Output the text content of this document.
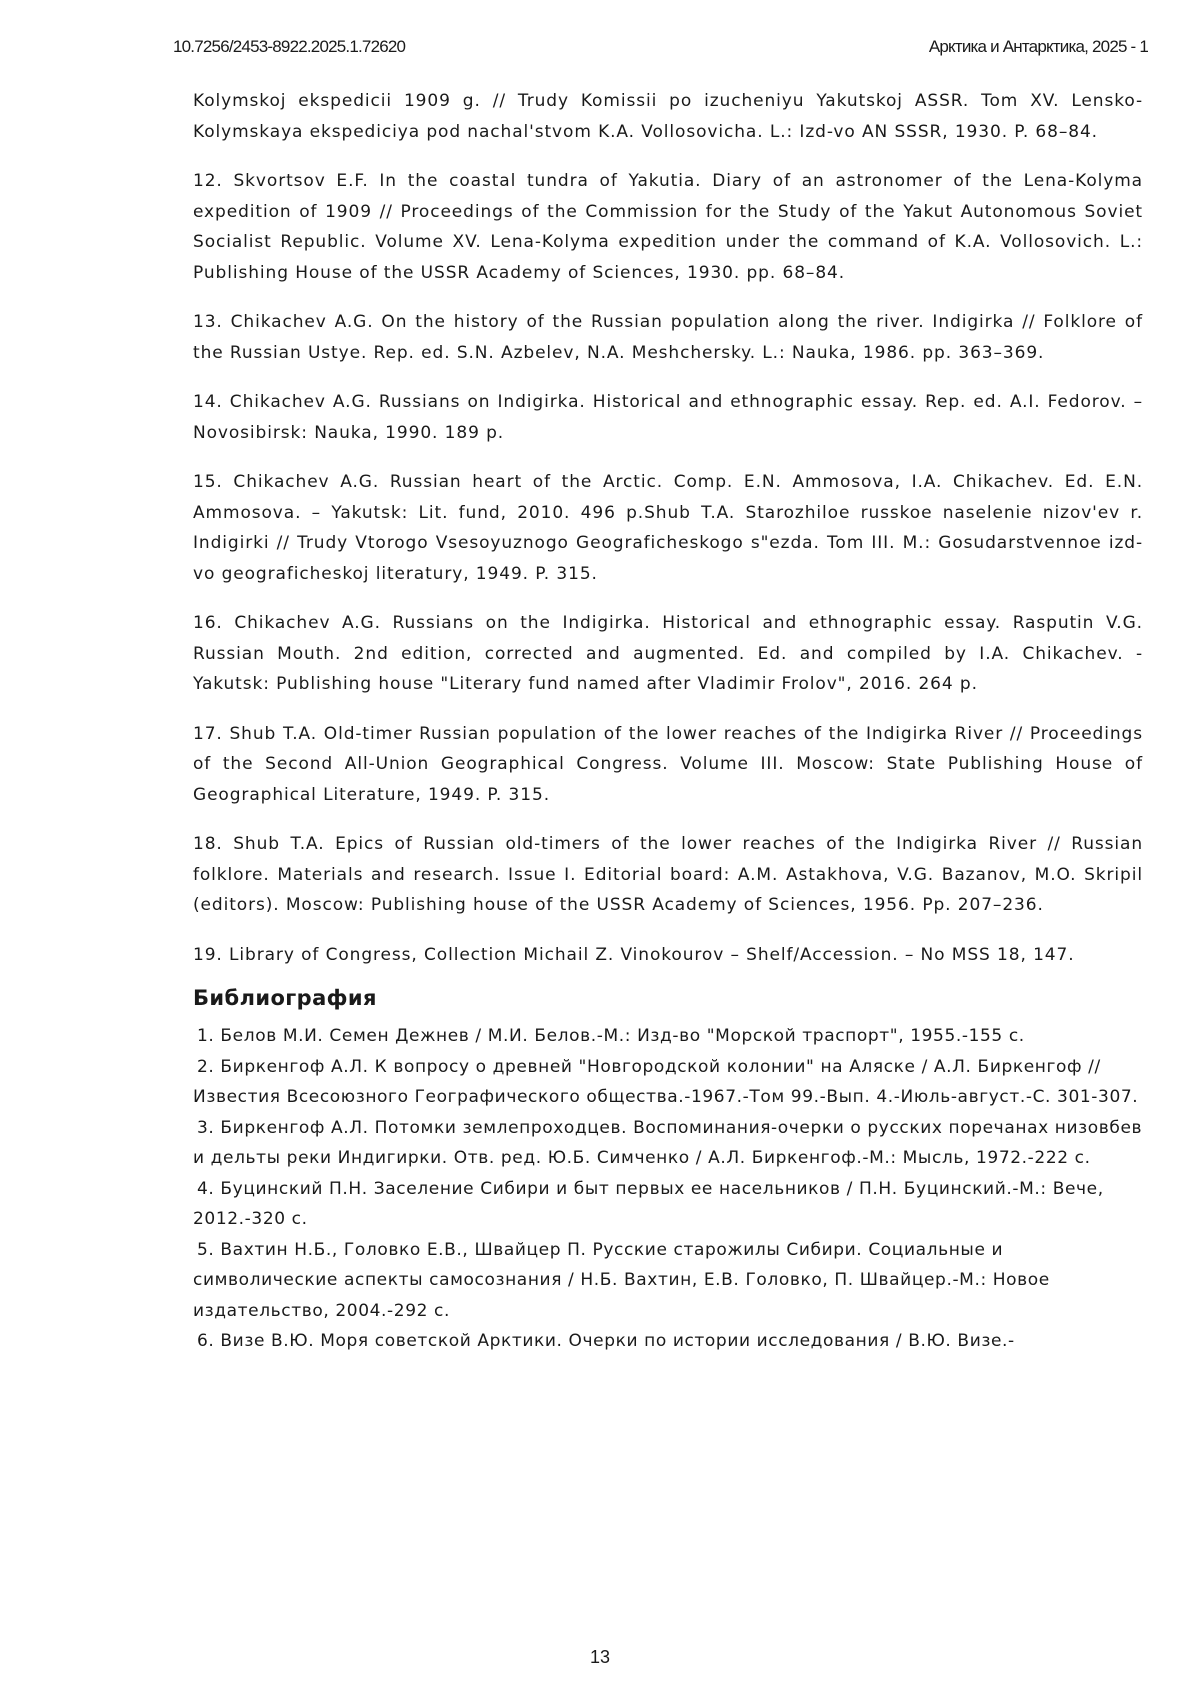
10.7256/2453-8922.2025.1.72620	Арктика и Антарктика, 2025 - 1

Kolymskoj ekspedicii 1909 g. // Trudy Komissii po izucheniyu Yakutskoj ASSR. Tom XV. Lensko-Kolymskaya ekspediciya pod nachal'stvom K.A. Vollosovicha. L.: Izd-vo AN SSSR, 1930. P. 68–84.

12. Skvortsov E.F. In the coastal tundra of Yakutia. Diary of an astronomer of the Lena-Kolyma expedition of 1909 // Proceedings of the Commission for the Study of the Yakut Autonomous Soviet Socialist Republic. Volume XV. Lena-Kolyma expedition under the command of K.A. Vollosovich. L.: Publishing House of the USSR Academy of Sciences, 1930. pp. 68–84.

13. Chikachev A.G. On the history of the Russian population along the river. Indigirka // Folklore of the Russian Ustye. Rep. ed. S.N. Azbelev, N.A. Meshchersky. L.: Nauka, 1986. pp. 363–369.

14. Chikachev A.G. Russians on Indigirka. Historical and ethnographic essay. Rep. ed. A.I. Fedorov. – Novosibirsk: Nauka, 1990. 189 p.

15. Chikachev A.G. Russian heart of the Arctic. Comp. E.N. Ammosova, I.A. Chikachev. Ed. E.N. Ammosova. – Yakutsk: Lit. fund, 2010. 496 p.Shub T.A. Starozhiloe russkoe naselenie nizov'ev r. Indigirki // Trudy Vtorogo Vsesoyuznogo Geograficheskogo s"ezda. Tom III. M.: Gosudarstvennoe izd-vo geograficheskoj literatury, 1949. P. 315.

16. Chikachev A.G. Russians on the Indigirka. Historical and ethnographic essay. Rasputin V.G. Russian Mouth. 2nd edition, corrected and augmented. Ed. and compiled by I.A. Chikachev. - Yakutsk: Publishing house "Literary fund named after Vladimir Frolov", 2016. 264 p.

17. Shub T.A. Old-timer Russian population of the lower reaches of the Indigirka River // Proceedings of the Second All-Union Geographical Congress. Volume III. Moscow: State Publishing House of Geographical Literature, 1949. P. 315.

18. Shub T.A. Epics of Russian old-timers of the lower reaches of the Indigirka River // Russian folklore. Materials and research. Issue I. Editorial board: A.M. Astakhova, V.G. Bazanov, M.O. Skripil (editors). Moscow: Publishing house of the USSR Academy of Sciences, 1956. Pp. 207–236.

19. Library of Congress, Collection Michail Z. Vinokourov – Shelf/Accession. – No MSS 18, 147.

Библиография
1. Белов М.И. Семен Дежнев / М.И. Белов.-М.: Изд-во "Морской траспорт", 1955.-155 с.
2. Биркенгоф А.Л. К вопросу о древней "Новгородской колонии" на Аляске / А.Л. Биркенгоф // Известия Всесоюзного Географического общества.-1967.-Том 99.-Вып. 4.-Июль-август.-С. 301-307.
3. Биркенгоф А.Л. Потомки землепроходцев. Воспоминания-очерки о русских поречанах низовбев и дельты реки Индигирки. Отв. ред. Ю.Б. Симченко / А.Л. Биркенгоф.-М.: Мысль, 1972.-222 с.
4. Буцинский П.Н. Заселение Сибири и быт первых ее насельников / П.Н. Буцинский.-М.: Вече, 2012.-320 с.
5. Вахтин Н.Б., Головко Е.В., Швайцер П. Русские старожилы Сибири. Социальные и символические аспекты самосознания / Н.Б. Вахтин, Е.В. Головко, П. Швайцер.-М.: Новое издательство, 2004.-292 с.
6. Визе В.Ю. Моря советской Арктики. Очерки по истории исследования / В.Ю. Визе.-
13
